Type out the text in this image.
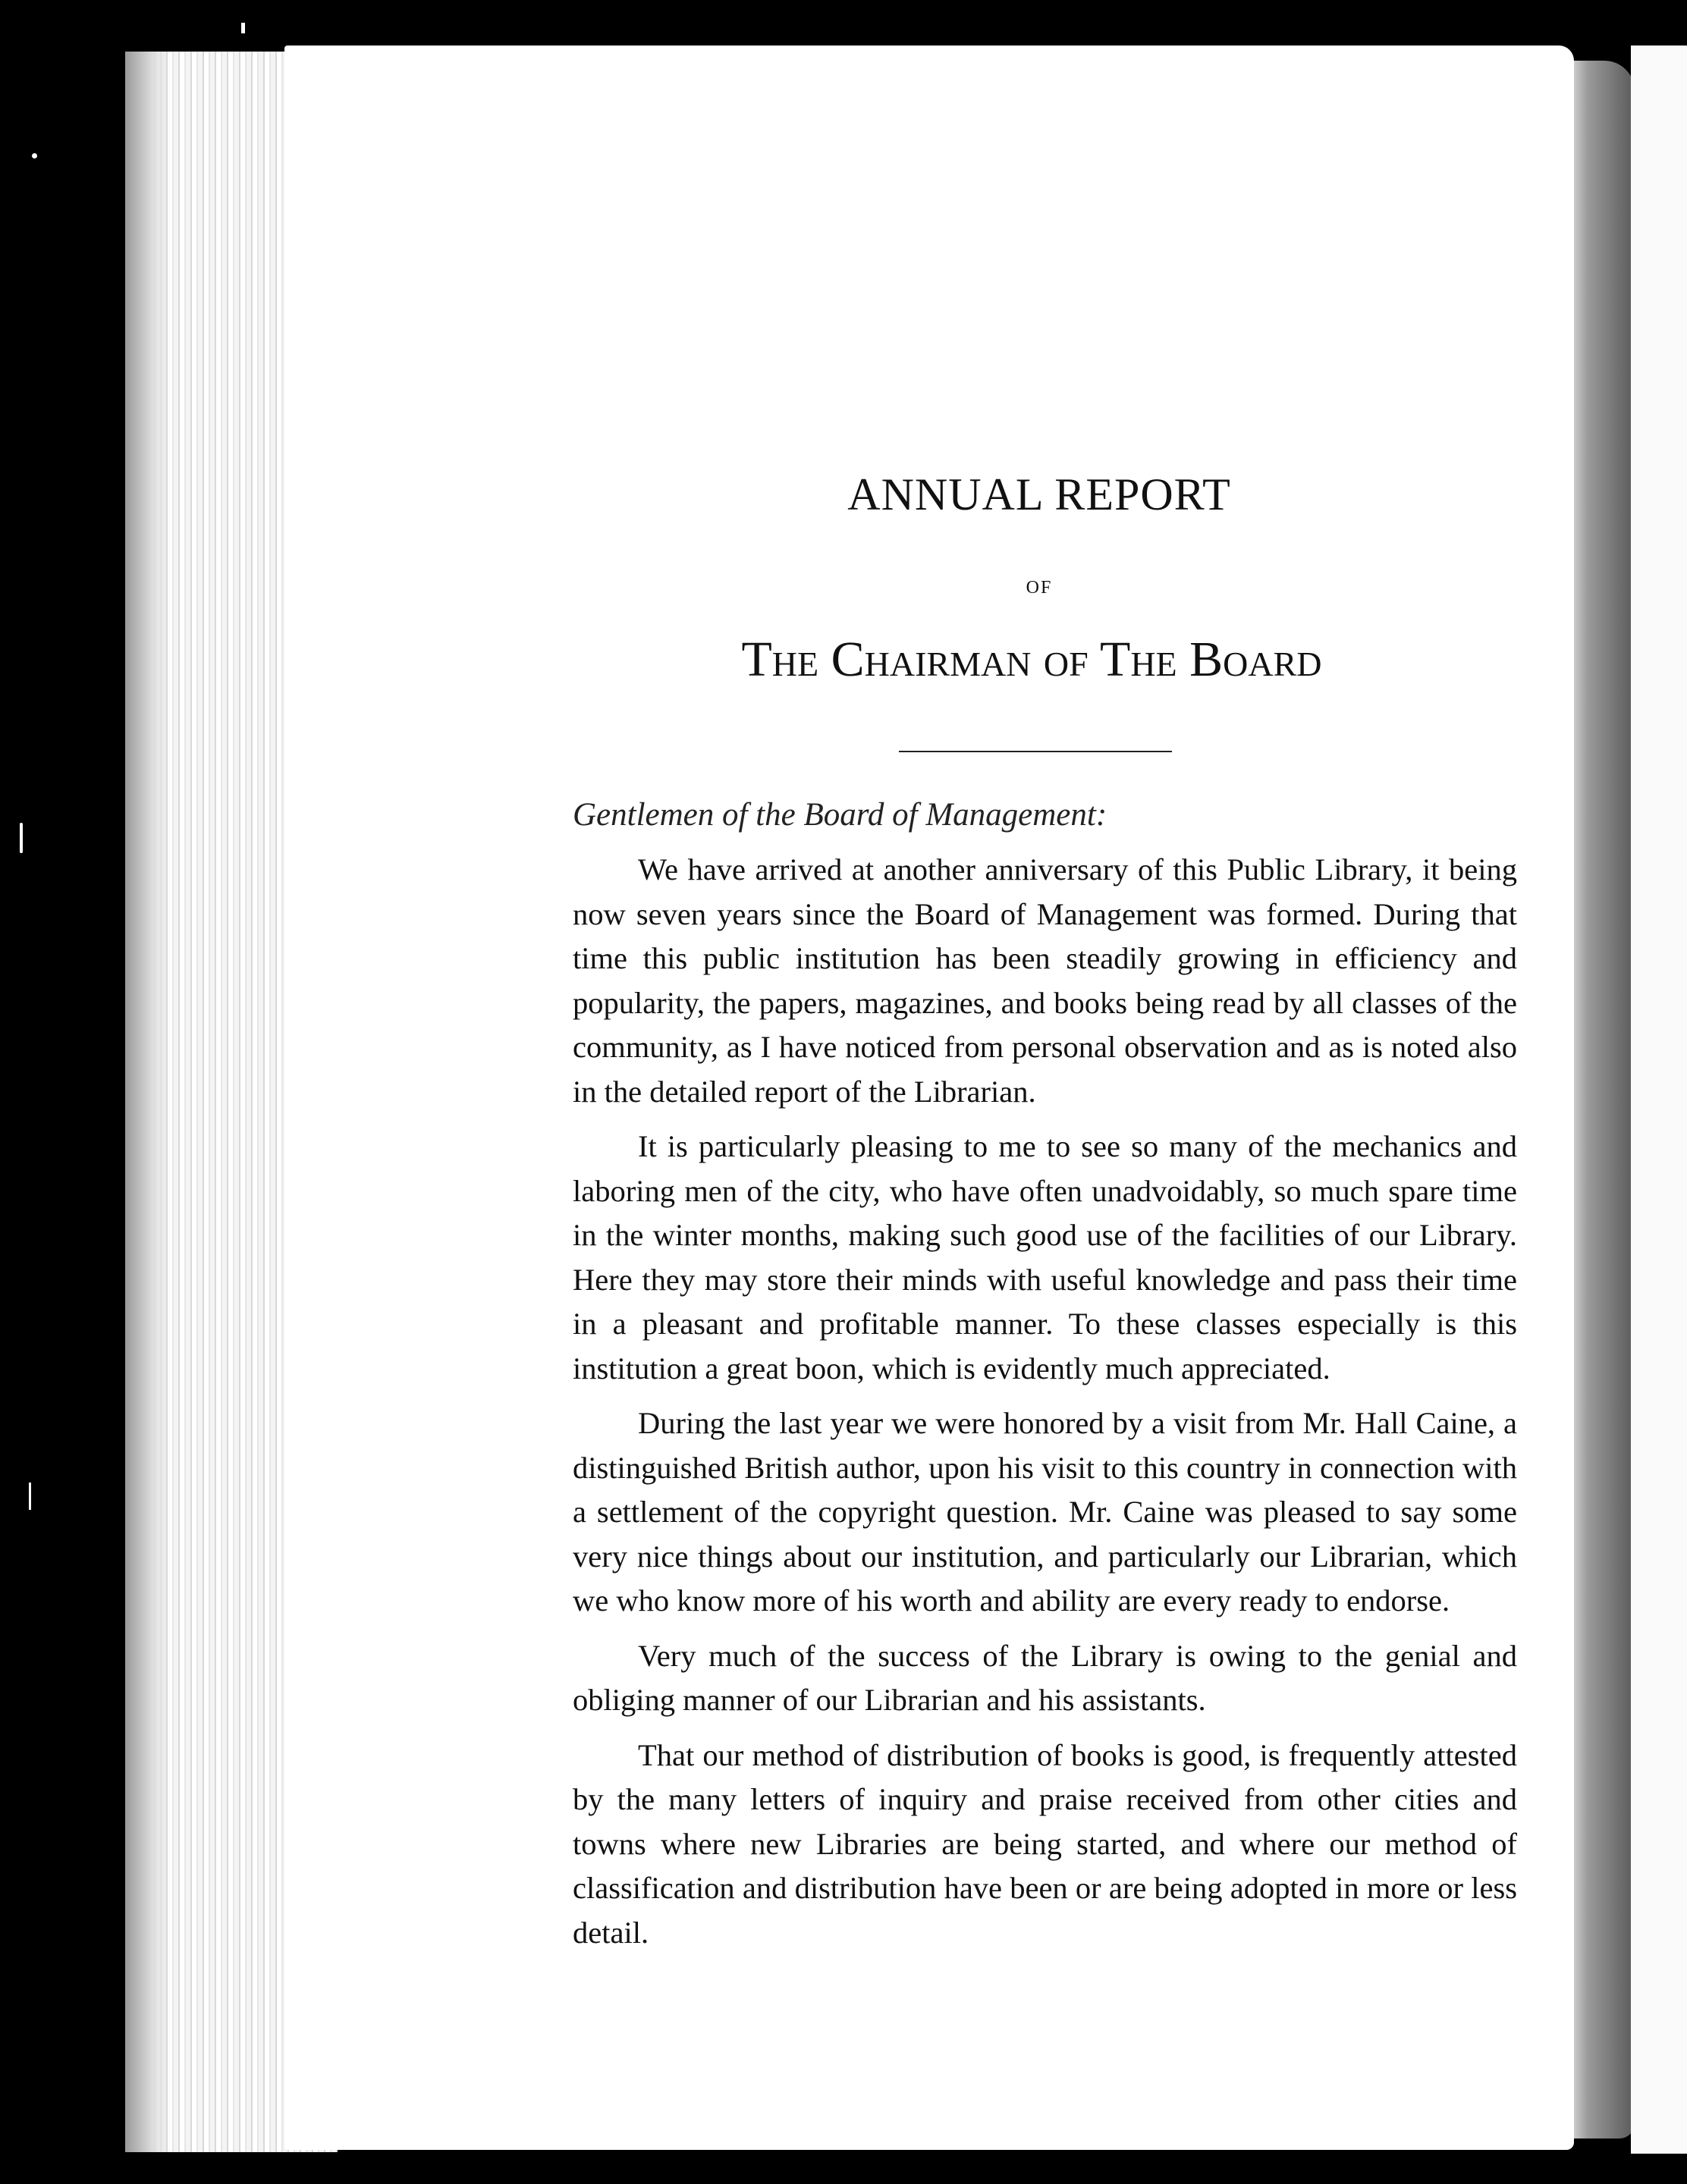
ANNUAL REPORT
OF
The Chairman of The Board
Gentlemen of the Board of Management:

We have arrived at another anniversary of this Public Library, it being now seven years since the Board of Management was formed. During that time this public institution has been steadily growing in efficiency and popularity, the papers, magazines, and books being read by all classes of the community, as I have noticed from personal observation and as is noted also in the detailed report of the Librarian.

It is particularly pleasing to me to see so many of the mechanics and laboring men of the city, who have often unadvoidably, so much spare time in the winter months, making such good use of the facilities of our Library. Here they may store their minds with useful knowledge and pass their time in a pleasant and profitable manner. To these classes especially is this institution a great boon, which is evidently much appreciated.

During the last year we were honored by a visit from Mr. Hall Caine, a distinguished British author, upon his visit to this country in connection with a settlement of the copyright question. Mr. Caine was pleased to say some very nice things about our institution, and particularly our Librarian, which we who know more of his worth and ability are every ready to endorse.

Very much of the success of the Library is owing to the genial and obliging manner of our Librarian and his assistants.

That our method of distribution of books is good, is frequently attested by the many letters of inquiry and praise received from other cities and towns where new Libraries are being started, and where our method of classification and distribution have been or are being adopted in more or less detail.
